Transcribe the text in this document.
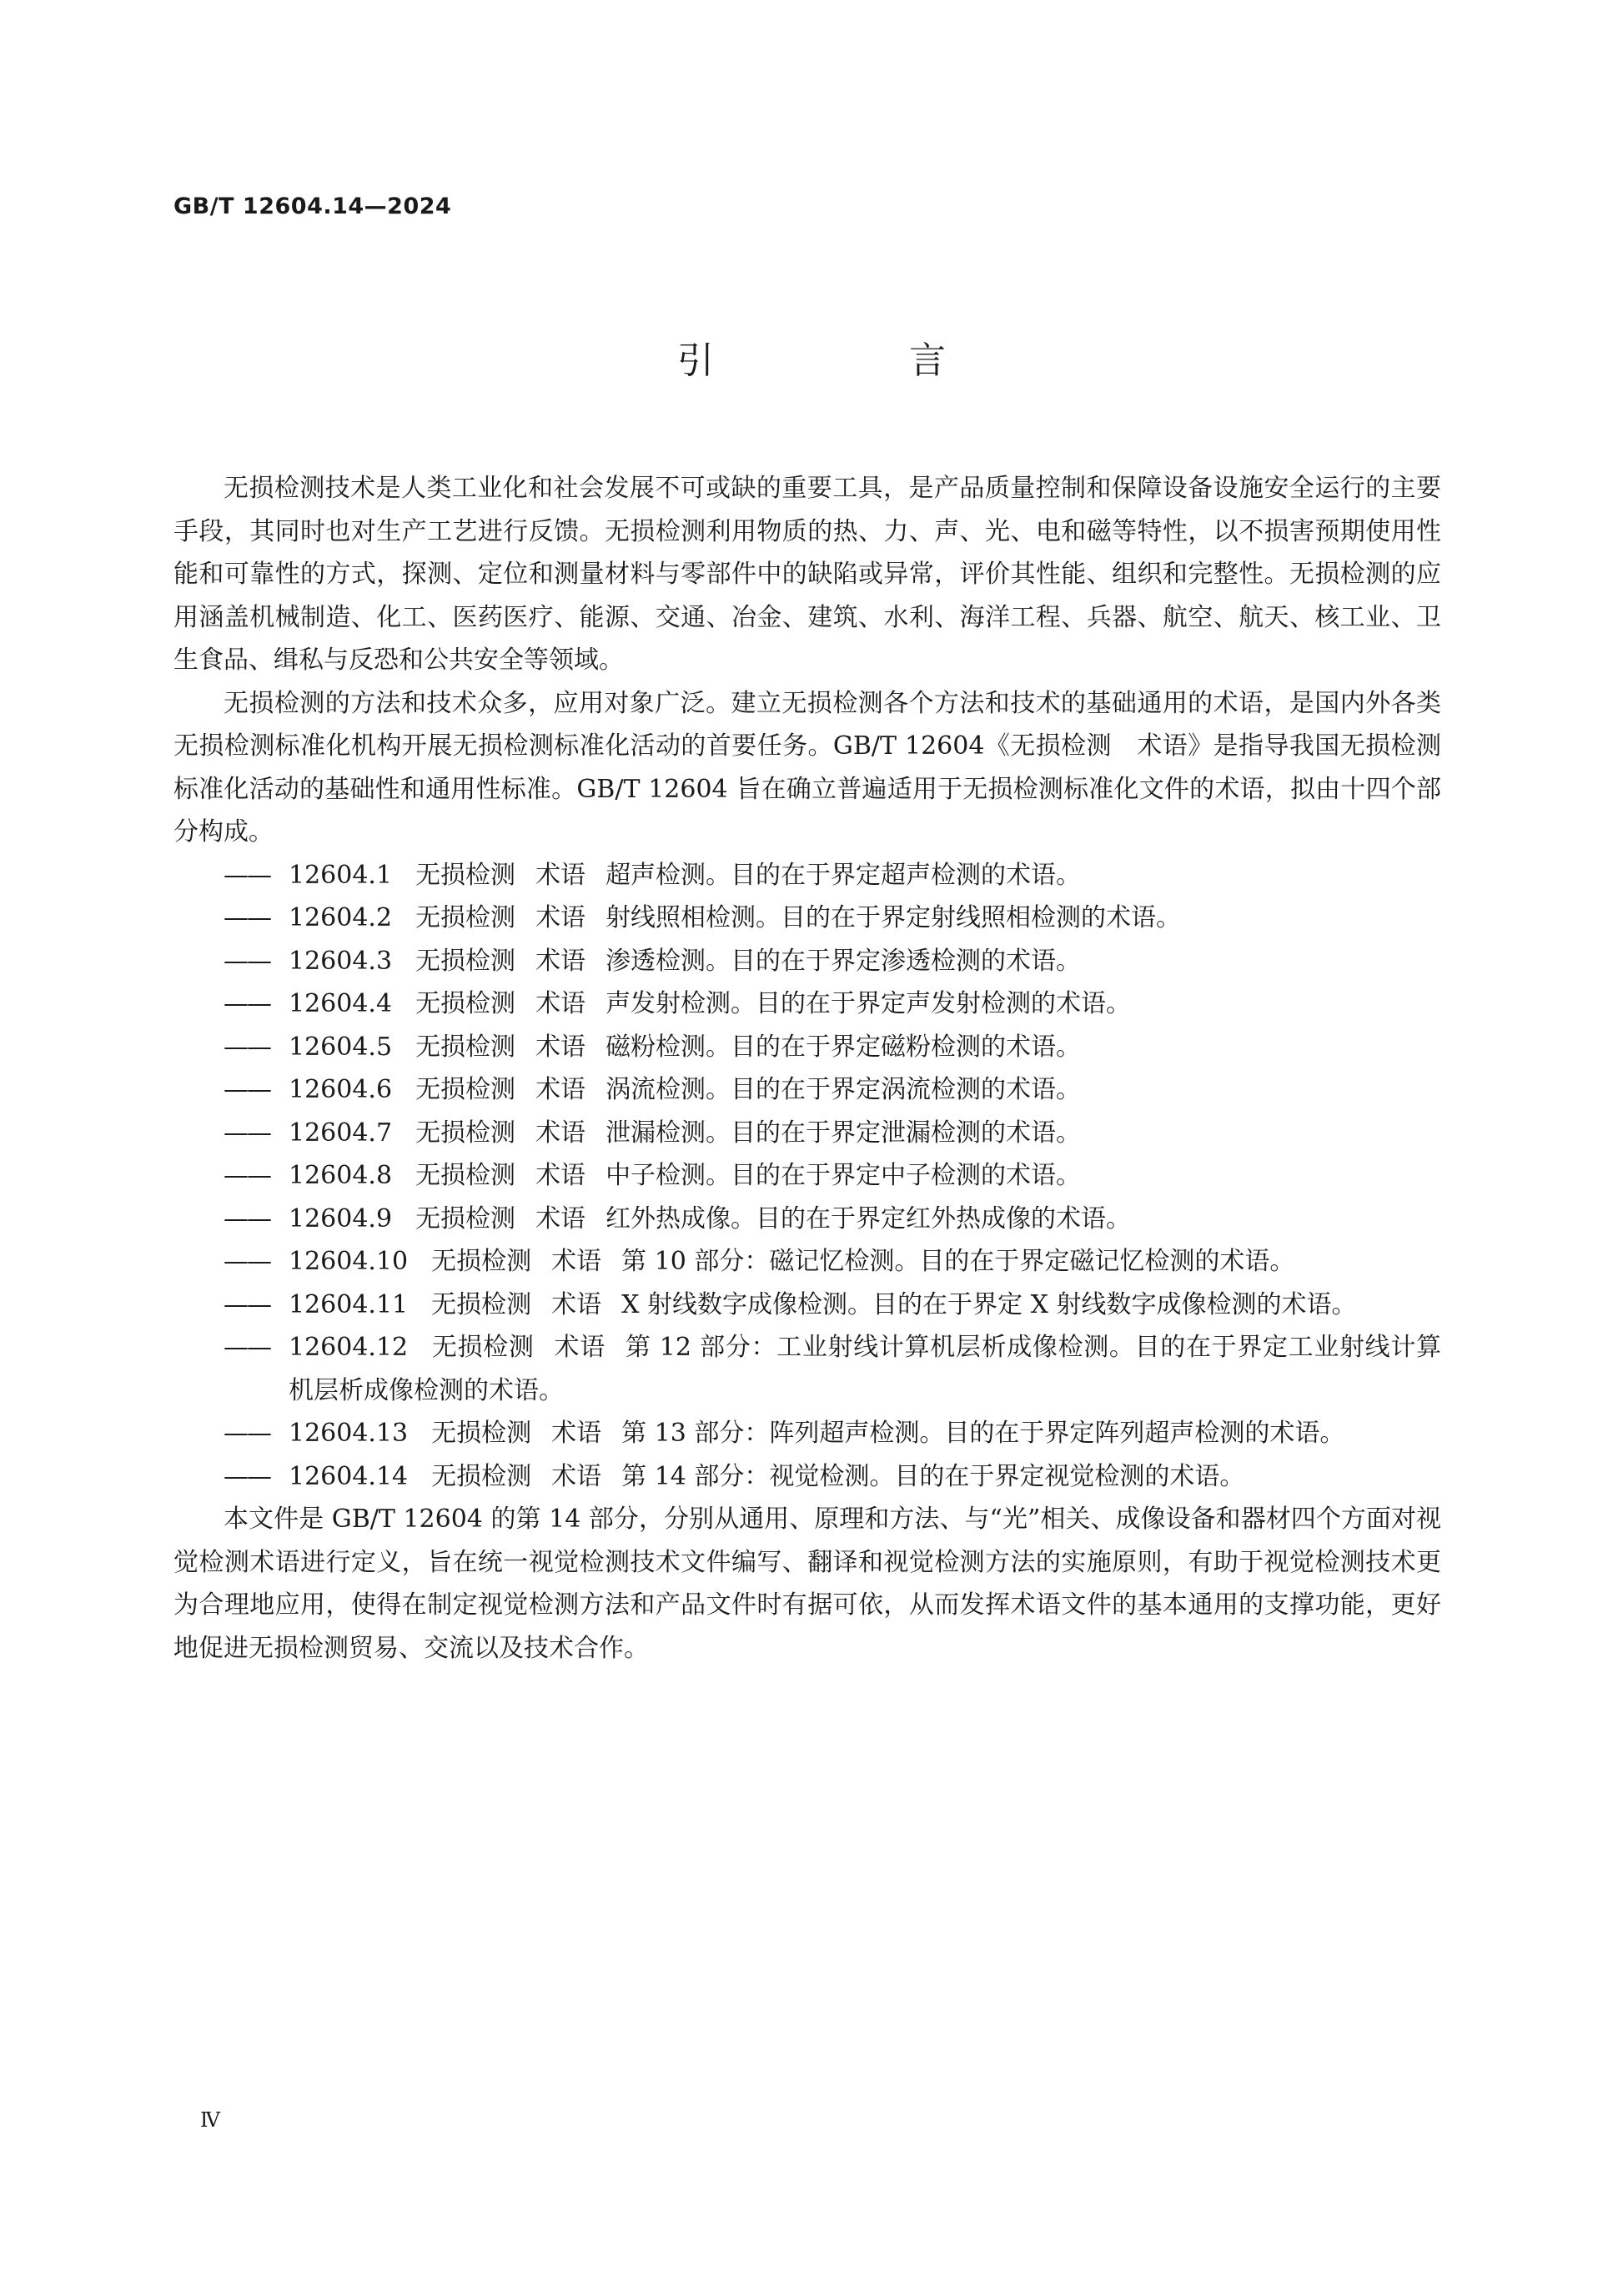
GB/T 12604.14—2024
引 言

无损检测技术是人类工业化和社会发展不可或缺的重要工具，是产品质量控制和保障设备设施安全运行的主要手段，其同时也对生产工艺进行反馈。无损检测利用物质的热、力、声、光、电和磁等特性，以不损害预期使用性能和可靠性的方式，探测、定位和测量材料与零部件中的缺陷或异常，评价其性能、组织和完整性。无损检测的应用涵盖机械制造、化工、医药医疗、能源、交通、冶金、建筑、水利、海洋工程、兵器、航空、航天、核工业、卫生食品、缉私与反恐和公共安全等领域。

无损检测的方法和技术众多，应用对象广泛。建立无损检测各个方法和技术的基础通用的术语，是国内外各类无损检测标准化机构开展无损检测标准化活动的首要任务。GB/T 12604《无损检测　术语》是指导我国无损检测标准化活动的基础性和通用性标准。GB/T 12604 旨在确立普遍适用于无损检测标准化文件的术语，拟由十四个部分构成。

—— 12604.1 无损检测 术语 超声检测。目的在于界定超声检测的术语。
—— 12604.2 无损检测 术语 射线照相检测。目的在于界定射线照相检测的术语。
—— 12604.3 无损检测 术语 渗透检测。目的在于界定渗透检测的术语。
—— 12604.4 无损检测 术语 声发射检测。目的在于界定声发射检测的术语。
—— 12604.5 无损检测 术语 磁粉检测。目的在于界定磁粉检测的术语。
—— 12604.6 无损检测 术语 涡流检测。目的在于界定涡流检测的术语。
—— 12604.7 无损检测 术语 泄漏检测。目的在于界定泄漏检测的术语。
—— 12604.8 无损检测 术语 中子检测。目的在于界定中子检测的术语。
—— 12604.9 无损检测 术语 红外热成像。目的在于界定红外热成像的术语。
—— 12604.10 无损检测 术语 第 10 部分：磁记忆检测。目的在于界定磁记忆检测的术语。
—— 12604.11 无损检测 术语 X 射线数字成像检测。目的在于界定 X 射线数字成像检测的术语。
—— 12604.12 无损检测 术语 第 12 部分：工业射线计算机层析成像检测。目的在于界定工业射线计算机层析成像检测的术语。
—— 12604.13 无损检测 术语 第 13 部分：阵列超声检测。目的在于界定阵列超声检测的术语。
—— 12604.14 无损检测 术语 第 14 部分：视觉检测。目的在于界定视觉检测的术语。

本文件是 GB/T 12604 的第 14 部分，分别从通用、原理和方法、与“光”相关、成像设备和器材四个方面对视觉检测术语进行定义，旨在统一视觉检测技术文件编写、翻译和视觉检测方法的实施原则，有助于视觉检测技术更为合理地应用，使得在制定视觉检测方法和产品文件时有据可依，从而发挥术语文件的基本通用的支撑功能，更好地促进无损检测贸易、交流以及技术合作。

Ⅳ
